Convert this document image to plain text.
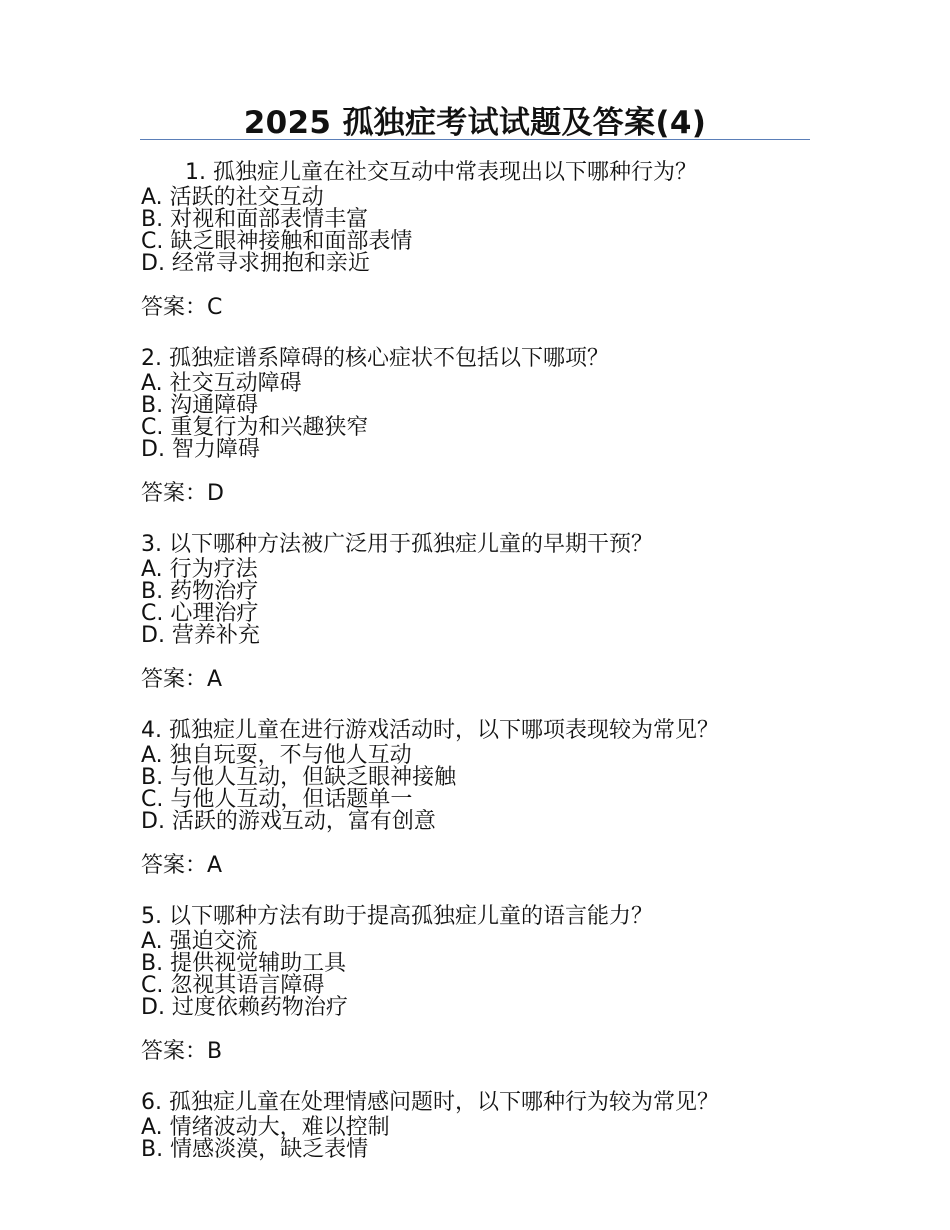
2025 孤独症考试试题及答案(4)
1. 孤独症儿童在社交互动中常表现出以下哪种行为？
A. 活跃的社交互动
B. 对视和面部表情丰富
C. 缺乏眼神接触和面部表情
D. 经常寻求拥抱和亲近
答案：C
2. 孤独症谱系障碍的核心症状不包括以下哪项？
A. 社交互动障碍
B. 沟通障碍
C. 重复行为和兴趣狭窄
D. 智力障碍
答案：D
3. 以下哪种方法被广泛用于孤独症儿童的早期干预？
A. 行为疗法
B. 药物治疗
C. 心理治疗
D. 营养补充
答案：A
4. 孤独症儿童在进行游戏活动时，以下哪项表现较为常见？
A. 独自玩耍，不与他人互动
B. 与他人互动，但缺乏眼神接触
C. 与他人互动，但话题单一
D. 活跃的游戏互动，富有创意
答案：A
5. 以下哪种方法有助于提高孤独症儿童的语言能力？
A. 强迫交流
B. 提供视觉辅助工具
C. 忽视其语言障碍
D. 过度依赖药物治疗
答案：B
6. 孤独症儿童在处理情感问题时，以下哪种行为较为常见？
A. 情绪波动大，难以控制
B. 情感淡漠，缺乏表情
